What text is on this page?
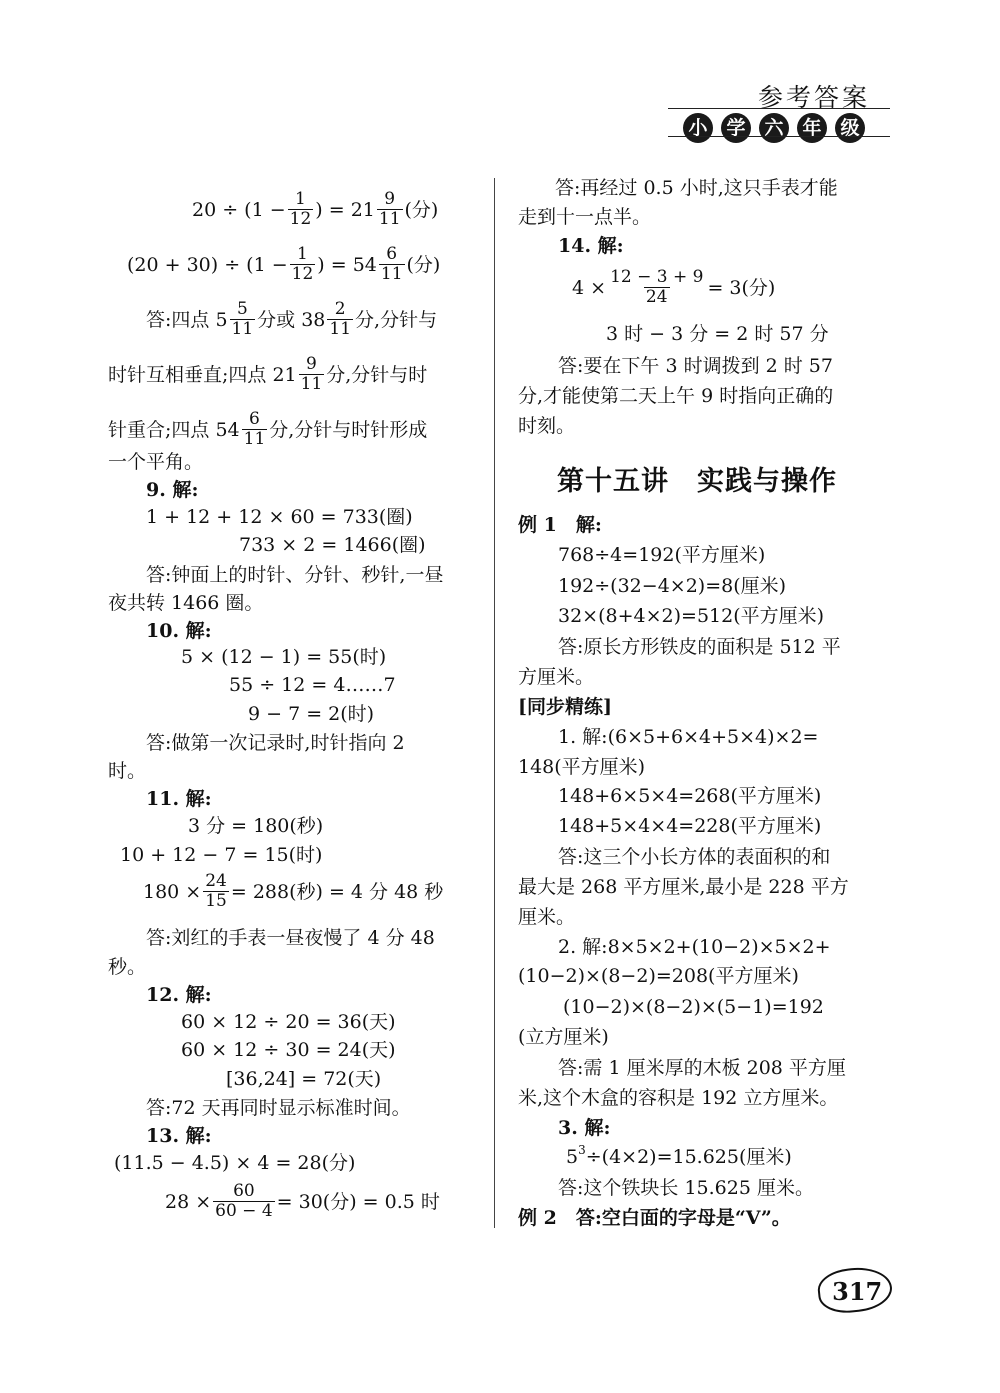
参考答案
小 学 六 年 级
$20 \div (1 - \frac{1}{12}$ ) = $21 \frac{9}{11}$ (分)
$(20 + 30) \div (1 - \frac{1}{12}$ ) = $54 \frac{6}{11}$ (分)
答:四点 $5 \frac{5}{11}$ 分或 $38 \frac{2}{11}$ 分,分针与
时针互相垂直;四点 $21 \frac{9}{11}$ 分,分针与时
针重合;四点 $54 \frac{6}{11}$ 分,分针与时针形成
一个平角。
9. 解:
1 + 12 + 12 × 60 = 733(圈)
733 × 2 = 1466(圈)
答:钟面上的时针、分针、秒针,一昼
夜共转 1466 圈。
10. 解:
5 × (12 − 1) = 55(时)
55 ÷ 12 = 4……7
9 − 7 = 2(时)
答:做第一次记录时,时针指向 2
时。
11. 解:
3 分 = 180(秒)
10 + 12 − 7 = 15(时)
$180 \times \frac{24}{15} = 288$(秒) = 4 分 48 秒
答:刘红的手表一昼夜慢了 4 分 48
秒。
12. 解:
60 × 12 ÷ 20 = 36(天)
60 × 12 ÷ 30 = 24(天)
[36,24] = 72(天)
答:72 天再同时显示标准时间。
13. 解:
(11.5 − 4.5) × 4 = 28(分)
$28 \times \frac{60}{60 - 4} = 30$(分) = 0.5 时
答:再经过 0.5 小时,这只手表才能
走到十一点半。
14. 解:
$4 \times \frac{12 - 3 + 9}{24} = 3$(分)
3 时 − 3 分 = 2 时 57 分
答:要在下午 3 时调拨到 2 时 57
分,才能使第二天上午 9 时指向正确的
时刻。
第十五讲　实践与操作
例 1　解:
768÷4=192(平方厘米)
192÷(32−4×2)=8(厘米)
32×(8+4×2)=512(平方厘米)
答:原长方形铁皮的面积是 512 平
方厘米。
[同步精练]
1. 解:(6×5+6×4+5×4)×2=
148(平方厘米)
148+6×5×4=268(平方厘米)
148+5×4×4=228(平方厘米)
答:这三个小长方体的表面积的和
最大是 268 平方厘米,最小是 228 平方
厘米。
2. 解:8×5×2+(10−2)×5×2+
(10−2)×(8−2)=208(平方厘米)
(10−2)×(8−2)×(5−1)=192
(立方厘米)
答:需 1 厘米厚的木板 208 平方厘
米,这个木盒的容积是 192 立方厘米。
3. 解:
$5^3 \div(4\times 2)=15.625$(厘米)
答:这个铁块长 15.625 厘米。
例 2　答:空白面的字母是“V”。
317
